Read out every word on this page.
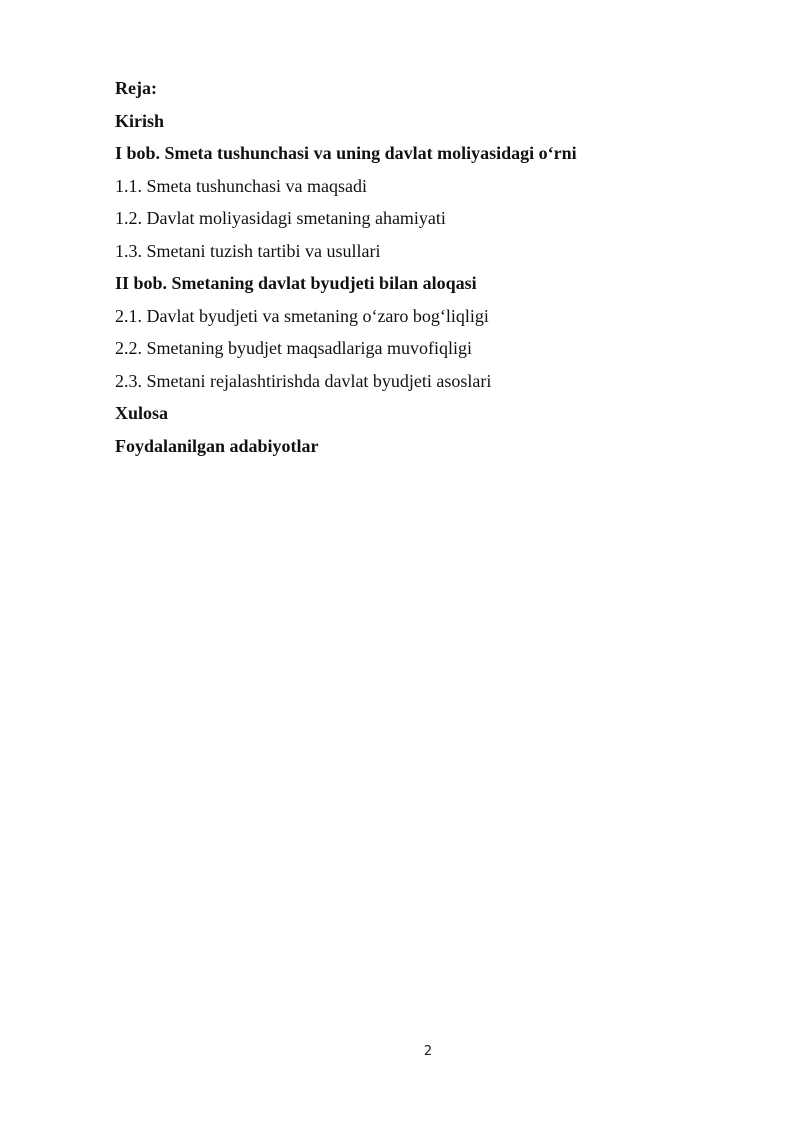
Reja:
Kirish
I bob. Smeta tushunchasi va uning davlat moliyasidagi o‘rni
1.1. Smeta tushunchasi va maqsadi
1.2. Davlat moliyasidagi smetaning ahamiyati
1.3. Smetani tuzish tartibi va usullari
II bob. Smetaning davlat byudjeti bilan aloqasi
2.1. Davlat byudjeti va smetaning o‘zaro bog‘liqligi
2.2. Smetaning byudjet maqsadlariga muvofiqligi
2.3. Smetani rejalashtirishda davlat byudjeti asoslari
Xulosa
Foydalanilgan adabiyotlar
2
